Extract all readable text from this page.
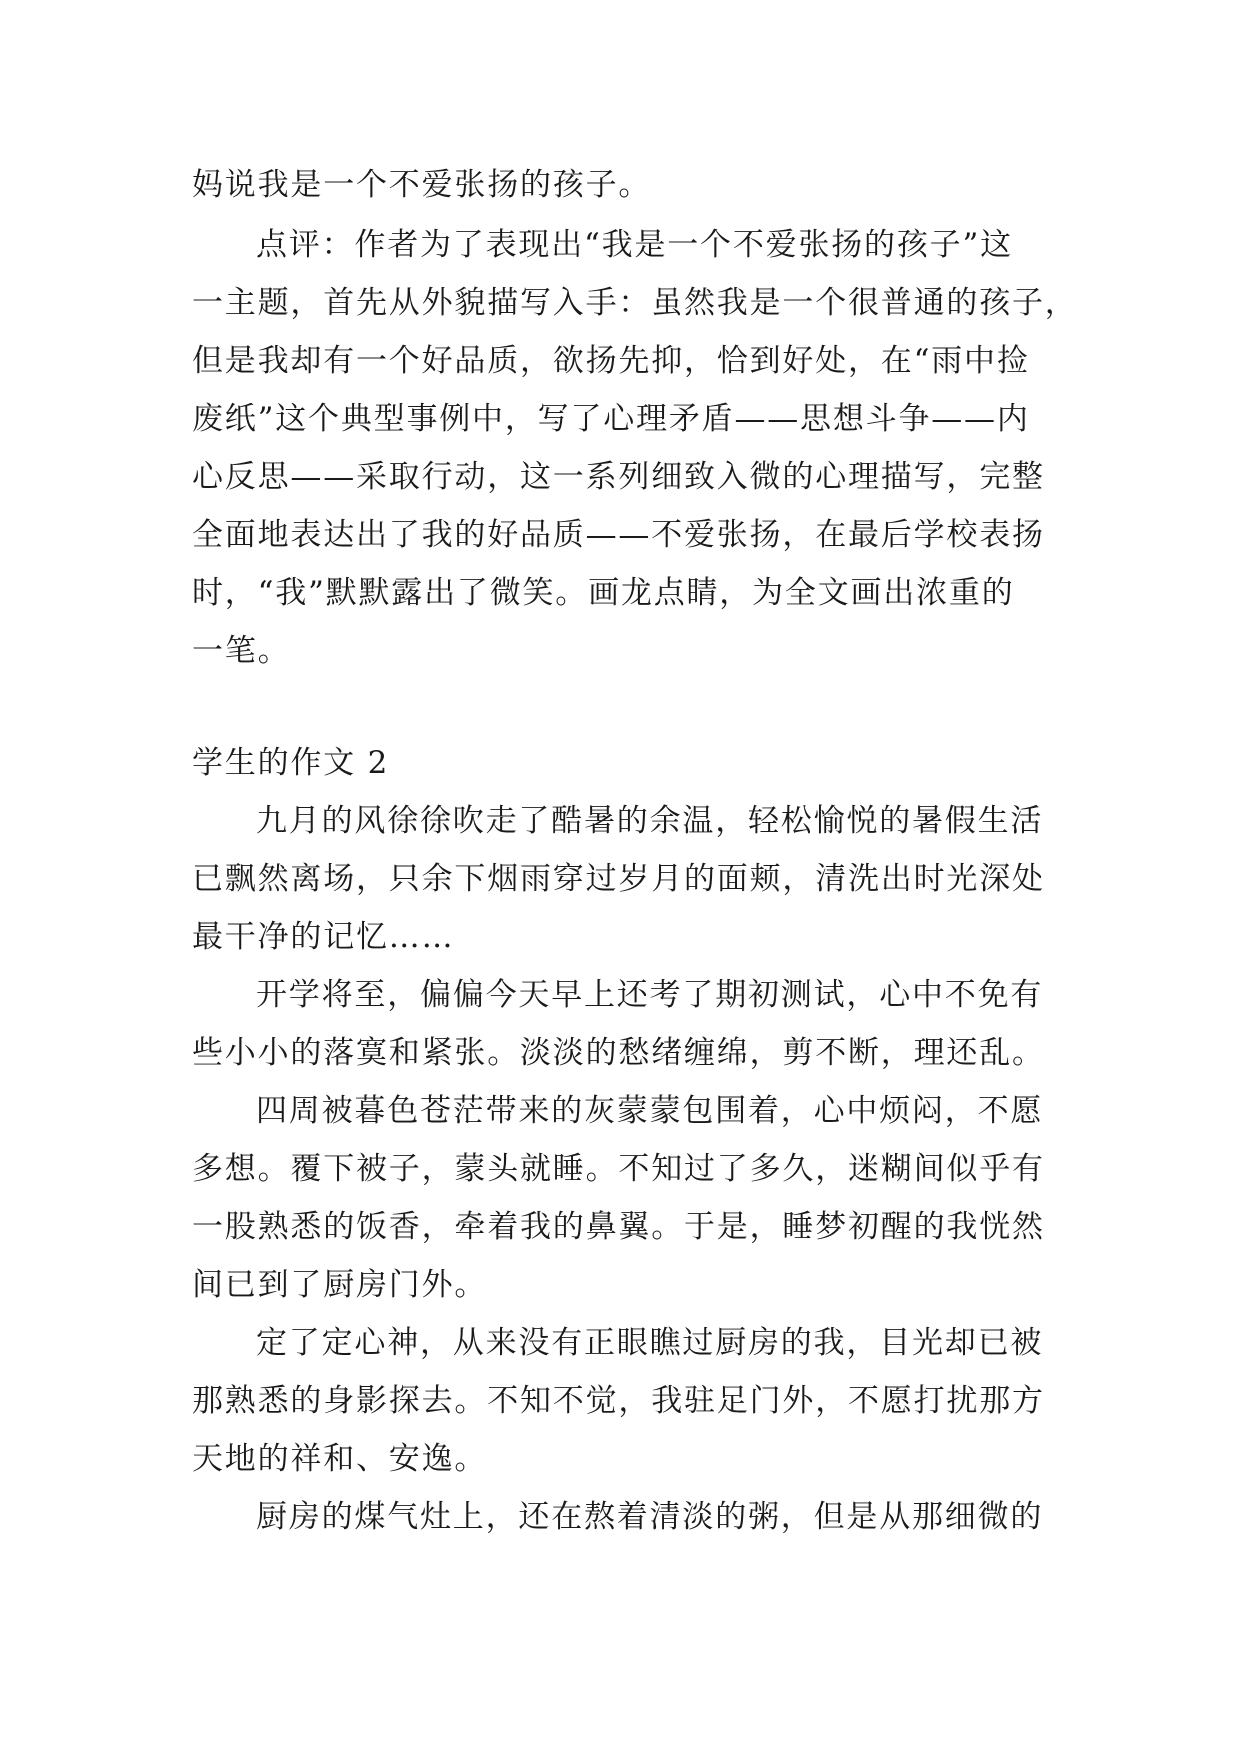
妈说我是一个不爱张扬的孩子。
点评：作者为了表现出“我是一个不爱张扬的孩子”这
一主题，首先从外貌描写入手：虽然我是一个很普通的孩子，
但是我却有一个好品质，欲扬先抑，恰到好处，在“雨中捡
废纸”这个典型事例中，写了心理矛盾——思想斗争——内
心反思——采取行动，这一系列细致入微的心理描写，完整
全面地表达出了我的好品质——不爱张扬，在最后学校表扬
时，“我”默默露出了微笑。画龙点睛，为全文画出浓重的
一笔。
学生的作文 2
九月的风徐徐吹走了酷暑的余温，轻松愉悦的暑假生活
已飘然离场，只余下烟雨穿过岁月的面颊，清洗出时光深处
最干净的记忆……
开学将至，偏偏今天早上还考了期初测试，心中不免有
些小小的落寞和紧张。淡淡的愁绪缠绵，剪不断，理还乱。
四周被暮色苍茫带来的灰蒙蒙包围着，心中烦闷，不愿
多想。覆下被子，蒙头就睡。不知过了多久，迷糊间似乎有
一股熟悉的饭香，牵着我的鼻翼。于是，睡梦初醒的我恍然
间已到了厨房门外。
定了定心神，从来没有正眼瞧过厨房的我，目光却已被
那熟悉的身影探去。不知不觉，我驻足门外，不愿打扰那方
天地的祥和、安逸。
厨房的煤气灶上，还在熬着清淡的粥，但是从那细微的
